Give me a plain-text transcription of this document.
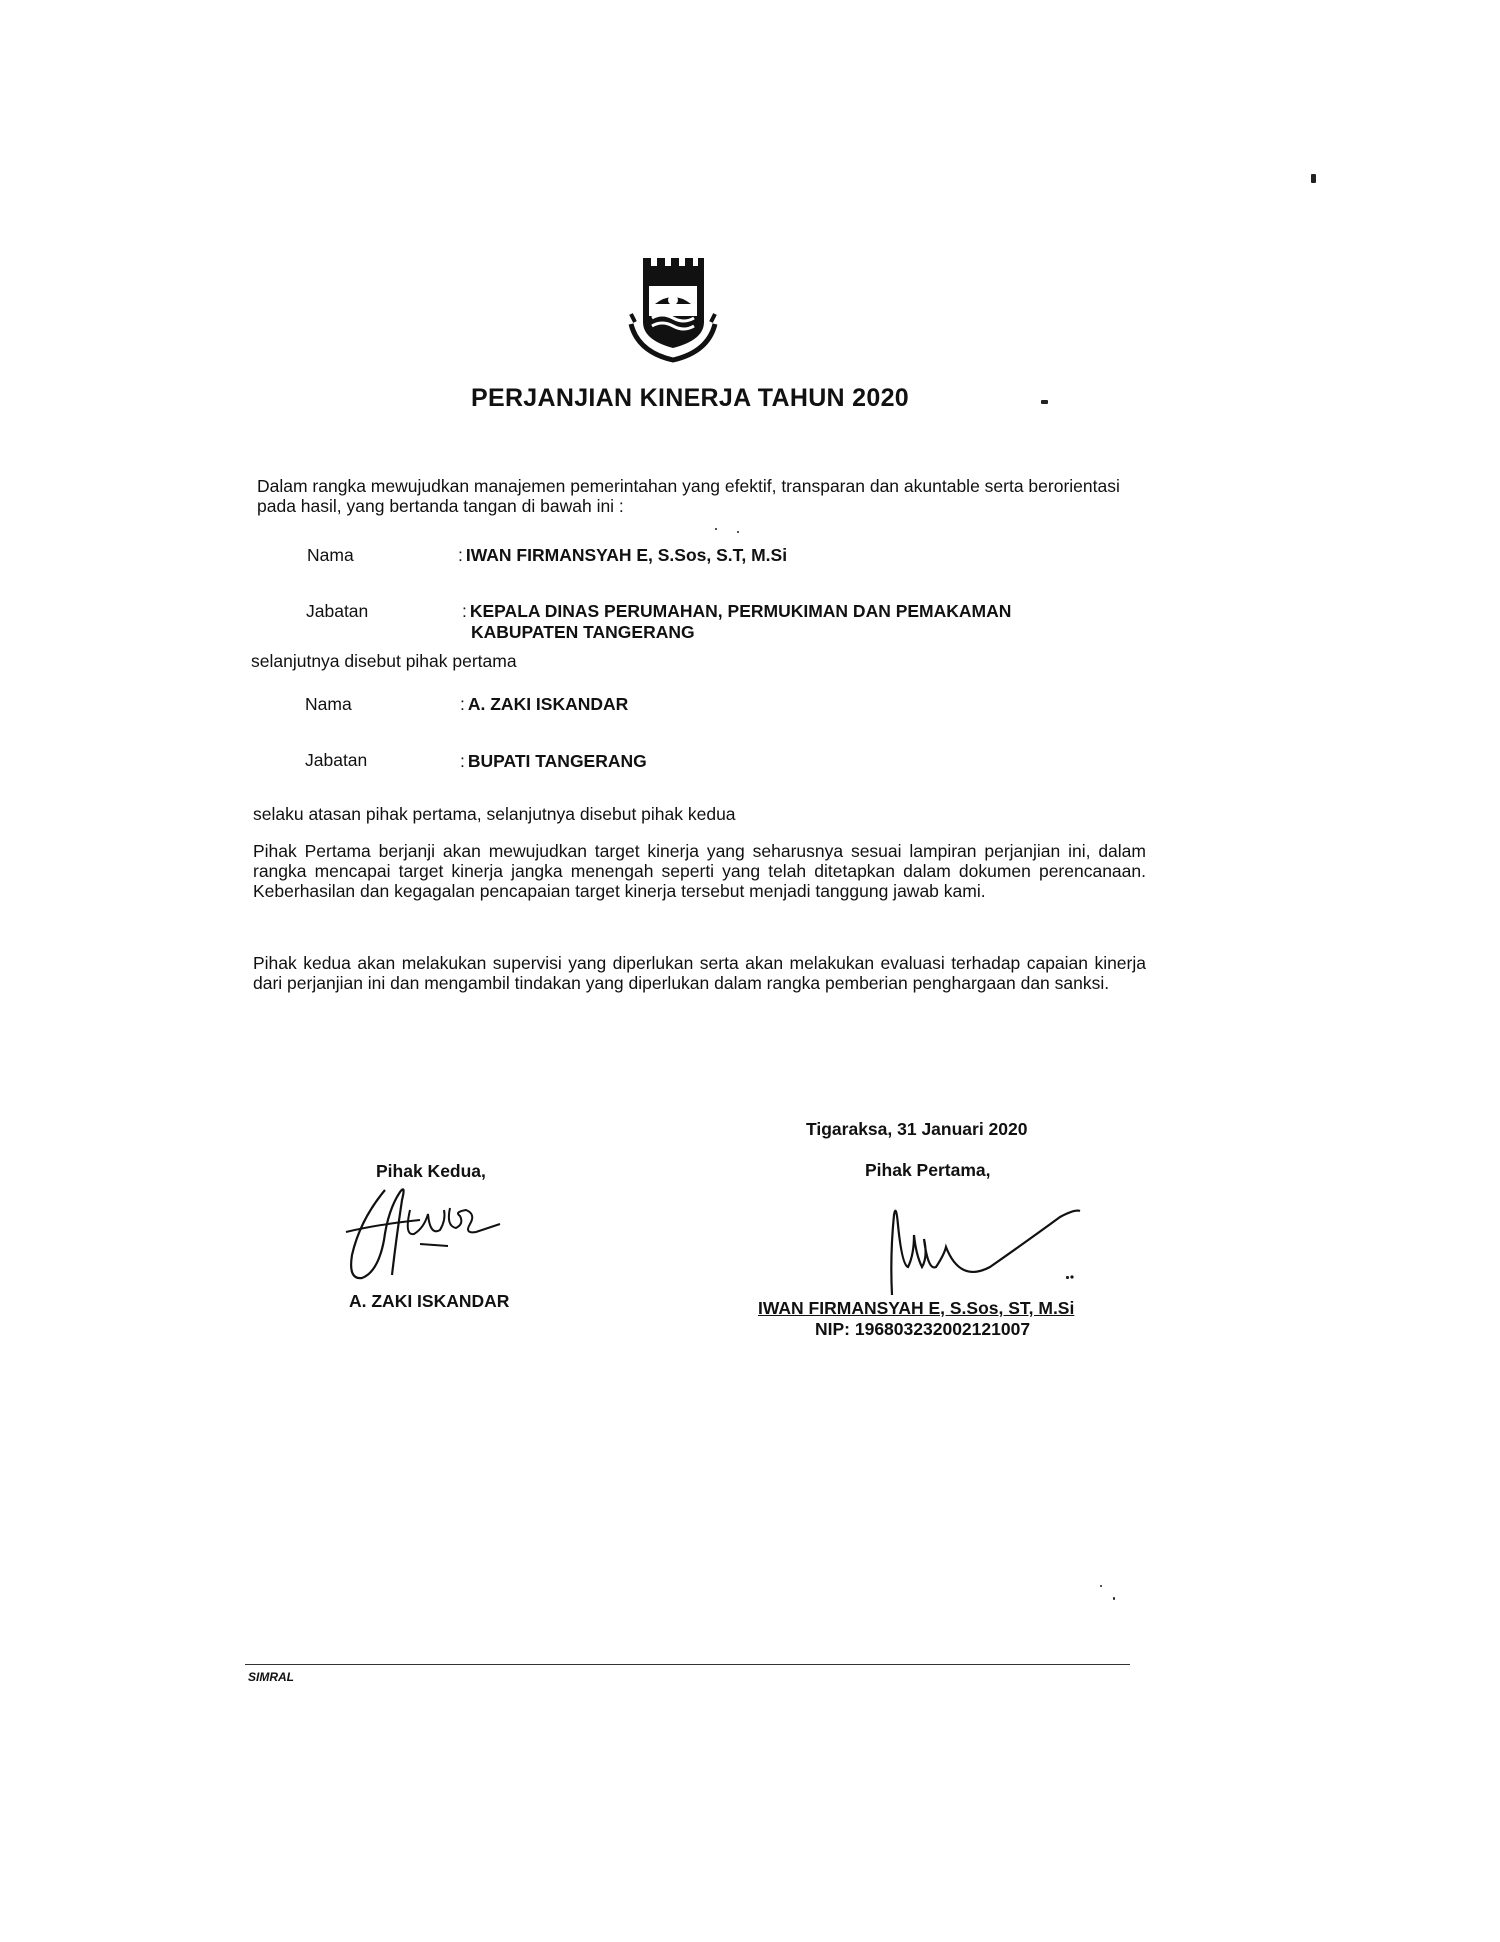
PERJANJIAN KINERJA TAHUN 2020
Dalam rangka mewujudkan manajemen pemerintahan yang efektif, transparan dan akuntable serta berorientasi pada hasil, yang bertanda tangan di bawah ini :
Nama	: IWAN FIRMANSYAH E, S.Sos, S.T, M.Si
Jabatan	: KEPALA DINAS PERUMAHAN, PERMUKIMAN DAN PEMAKAMAN
KABUPATEN TANGERANG
selanjutnya disebut pihak pertama
Nama	: A. ZAKI ISKANDAR
Jabatan	: BUPATI TANGERANG
selaku atasan pihak pertama, selanjutnya disebut pihak kedua
Pihak Pertama berjanji akan mewujudkan target kinerja yang seharusnya sesuai lampiran perjanjian ini, dalam rangka mencapai target kinerja jangka menengah seperti yang telah ditetapkan dalam dokumen perencanaan. Keberhasilan dan kegagalan pencapaian target kinerja tersebut menjadi tanggung jawab kami.
Pihak kedua akan melakukan supervisi yang diperlukan serta akan melakukan evaluasi terhadap capaian kinerja dari perjanjian ini dan mengambil tindakan yang diperlukan dalam rangka pemberian penghargaan dan sanksi.
Tigaraksa, 31 Januari 2020
Pihak Kedua,
A. ZAKI ISKANDAR
Pihak Pertama,
IWAN FIRMANSYAH E, S.Sos, ST, M.Si
NIP: 196803232002121007
SIMRAL
